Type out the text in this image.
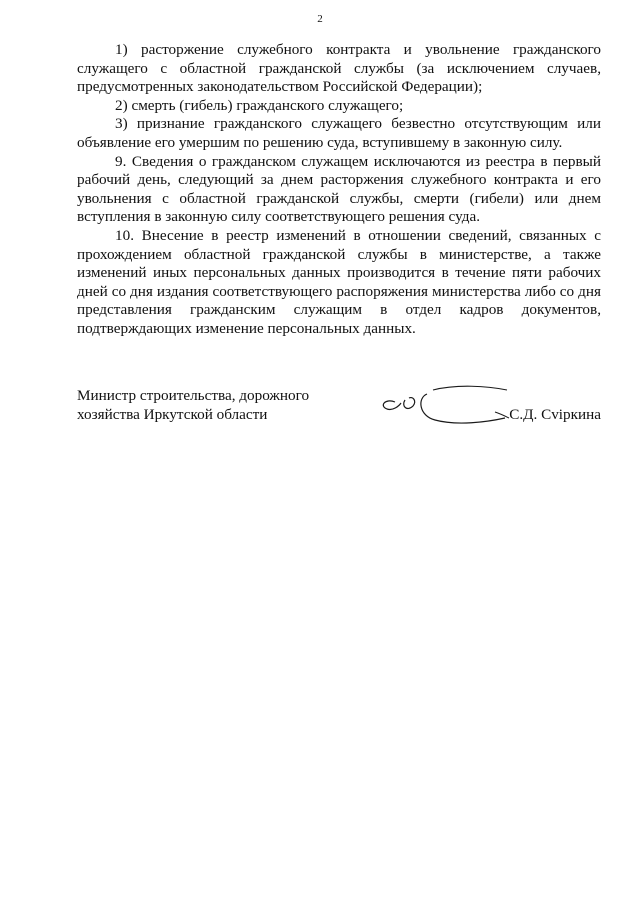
2

1) расторжение служебного контракта и увольнение гражданского служащего с областной гражданской службы (за исключением случаев, предусмотренных законодательством Российской Федерации);

2) смерть (гибель) гражданского служащего;

3) признание гражданского служащего безвестно отсутствующим или объявление его умершим по решению суда, вступившему в законную силу.

9. Сведения о гражданском служащем исключаются из реестра в первый рабочий день, следующий за днем расторжения служебного контракта и его увольнения с областной гражданской службы, смерти (гибели) или днем вступления в законную силу соответствующего решения суда.

10. Внесение в реестр изменений в отношении сведений, связанных с прохождением областной гражданской службы в министерстве, а также изменений иных персональных данных производится в течение пяти рабочих дней со дня издания соответствующего распоряжения министерства либо со дня представления гражданским служащим в отдел кадров документов, подтверждающих изменение персональных данных.

Министр строительства, дорожного хозяйства Иркутской области	С.Д. Сviркина
